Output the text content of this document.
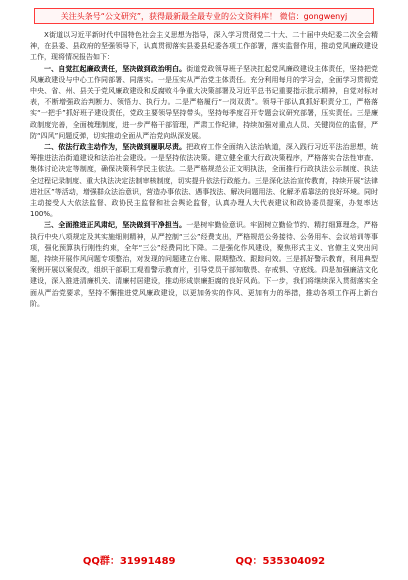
关注头条号“公文研究”，获得最新最全最专业的公文资料库！ 微信：gongwenyj

X街道以习近平新时代中国特色社会主义思想为指导，深入学习贯彻党二十大、二十届中央纪委二次全会精神，在县委、县政府的坚强领导下，认真贯彻落实县委县纪委各项工作部署，落实监督作用，推动党风廉政建设工作，现将情况报告如下：

一、自觉扛起廉政责任，坚决做到政治明白。街道党政领导班子坚决扛起党风廉政建设主体责任，坚持把党风廉政建设与中心工作同部署、同落实。一是压实从严治党主体责任。充分利用每月的学习会，全面学习贯彻党中央、省、州、县关于党风廉政建设和反腐败斗争重大决策部署及习近平总书记重要指示批示精神，自觉对标对表，不断增强政治判断力、领悟力、执行力。二是严格履行“一岗双责”。领导干部认真抓好职责分工，严格落实“一把手”抓好班子建设责任，党政主要领导坚持带头，坚持每季度召开专题会议研究部署，压实责任。三是廉政制度完善，全面梳理制度，进一步严格干部管理，严肃工作纪律，持续加强对重点人员、关键岗位的监督，严防“四风”问题反弹，切实推动全面从严治党向纵深发展。

二、依法行政主动作为，坚决做到履职尽责。把政府工作全面纳入法治轨道，深入践行习近平法治思想，统筹推进法治街道建设和法治社会建设。一是坚持依法决策。建立健全重大行政决策程序，严格落实合法性审查、集体讨论决定等制度，确保决策科学民主依法。二是严格规范公正文明执法，全面推行行政执法公示制度、执法全过程记录制度、重大执法决定法制审核制度，切实提升依法行政能力。三是深化法治宣传教育，持续开展“法律进社区”等活动，增强群众法治意识，营造办事依法、遇事找法、解决问题用法、化解矛盾靠法的良好环境。同时主动接受人大依法监督、政协民主监督和社会舆论监督，认真办理人大代表建议和政协委员提案，办复率达100%。

三、全面推进正风肃纪，坚决做到干净担当。一是树牢勤俭意识。牢固树立勤俭节约、精打细算理念，严格执行中央八项规定及其实施细则精神，从严控制“三公”经费支出，严格规范公务接待、公务用车、会议培训等事项，强化预算执行刚性约束，全年“三公”经费同比下降。二是强化作风建设，聚焦形式主义、官僚主义突出问题，持续开展作风问题专项整治，对发现的问题建立台账、限期整改、跟踪问效。三是抓好警示教育，利用典型案例开展以案促改，组织干部职工观看警示教育片，引导党员干部知敬畏、存戒惧、守底线。四是加强廉洁文化建设，深入推进清廉机关、清廉村居建设，推动形成崇廉拒腐的良好风尚。下一步，我们将继续深入贯彻落实全面从严治党要求，坚持不懈推进党风廉政建设，以更加务实的作风、更加有力的举措，推动各项工作再上新台阶。

QQ群：31991489	QQ：535304092
